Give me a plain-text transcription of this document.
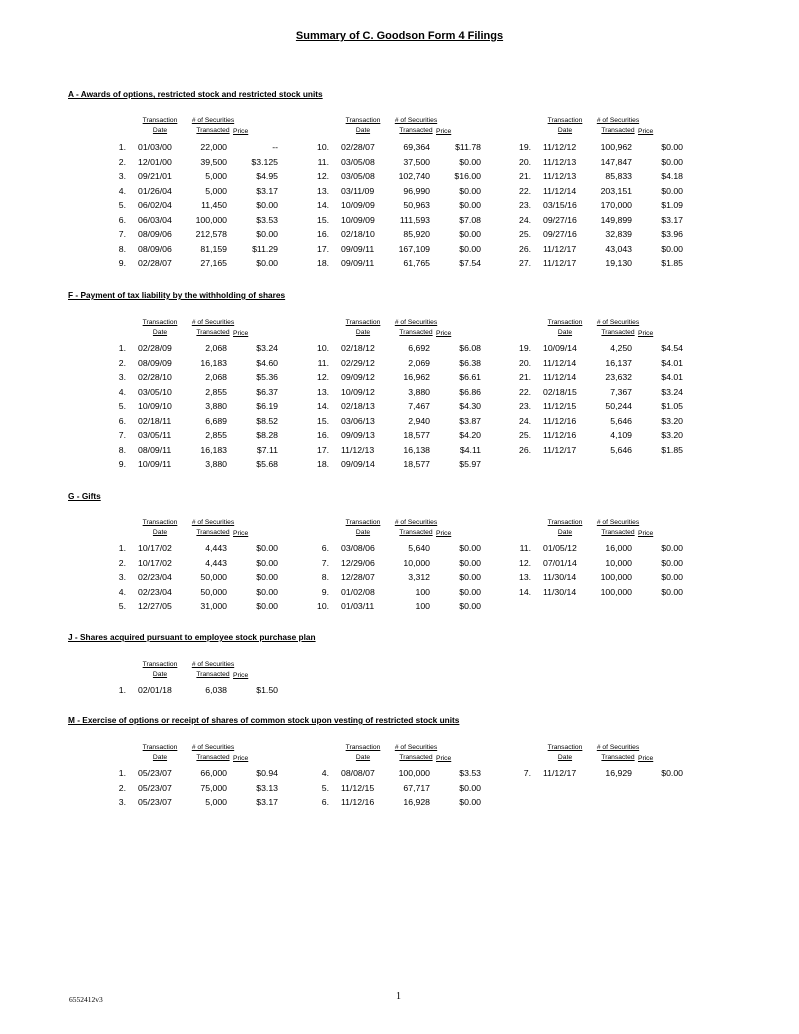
Summary of C. Goodson Form 4 Filings
A - Awards of options, restricted stock and restricted stock units
Transaction
Date
# of Securities
Transacted Price
Transaction
Date
# of Securities
Transacted Price
Transaction
Date
# of Securities
Transacted Price
1. 01/03/00	22,000	--
2. 12/01/00	39,500	$3.125
3. 09/21/01	5,000	$4.95
4. 01/26/04	5,000	$3.17
5. 06/02/04	11,450	$0.00
6. 06/03/04	100,000	$3.53
7. 08/09/06	212,578	$0.00
8. 08/09/06	81,159	$11.29
9. 02/28/07	27,165	$0.00
10. 02/28/07	69,364	$11.78
11. 03/05/08	37,500	$0.00
12. 03/05/08	102,740	$16.00
13. 03/11/09	96,990	$0.00
14. 10/09/09	50,963	$0.00
15. 10/09/09	111,593	$7.08
16. 02/18/10	85,920	$0.00
17. 09/09/11	167,109	$0.00
18. 09/09/11	61,765	$7.54
19. 11/12/12	100,962	$0.00
20. 11/12/13	147,847	$0.00
21. 11/12/13	85,833	$4.18
22. 11/12/14	203,151	$0.00
23. 03/15/16	170,000	$1.09
24. 09/27/16	149,899	$3.17
25. 09/27/16	32,839	$3.96
26. 11/12/17	43,043	$0.00
27. 11/12/17	19,130	$1.85
F - Payment of tax liability by the withholding of shares
Transaction
Date
# of Securities
Transacted Price
Transaction
Date
# of Securities
Transacted Price
Transaction
Date
# of Securities
Transacted Price
1. 02/28/09	2,068	$3.24
2. 08/09/09	16,183	$4.60
3. 02/28/10	2,068	$5.36
4. 03/05/10	2,855	$6.37
5. 10/09/10	3,880	$6.19
6. 02/18/11	6,689	$8.52
7. 03/05/11	2,855	$8.28
8. 08/09/11	16,183	$7.11
9. 10/09/11	3,880	$5.68
10. 02/18/12	6,692	$6.08
11. 02/29/12	2,069	$6.38
12. 09/09/12	16,962	$6.61
13. 10/09/12	3,880	$6.86
14. 02/18/13	7,467	$4.30
15. 03/06/13	2,940	$3.87
16. 09/09/13	18,577	$4.20
17. 11/12/13	16,138	$4.11
18. 09/09/14	18,577	$5.97
19. 10/09/14	4,250	$4.54
20. 11/12/14	16,137	$4.01
21. 11/12/14	23,632	$4.01
22. 02/18/15	7,367	$3.24
23. 11/12/15	50,244	$1.05
24. 11/12/16	5,646	$3.20
25. 11/12/16	4,109	$3.20
26. 11/12/17	5,646	$1.85
G - Gifts
Transaction
Date
# of Securities
Transacted Price
Transaction
Date
# of Securities
Transacted Price
Transaction
Date
# of Securities
Transacted Price
1. 10/17/02	4,443	$0.00
2. 10/17/02	4,443	$0.00
3. 02/23/04	50,000	$0.00
4. 02/23/04	50,000	$0.00
5. 12/27/05	31,000	$0.00
6. 03/08/06	5,640	$0.00
7. 12/29/06	10,000	$0.00
8. 12/28/07	3,312	$0.00
9. 01/02/08	100	$0.00
10. 01/03/11	100	$0.00
11. 01/05/12	16,000	$0.00
12. 07/01/14	10,000	$0.00
13. 11/30/14	100,000	$0.00
14. 11/30/14	100,000	$0.00
J - Shares acquired pursuant to employee stock purchase plan
Transaction
Date
# of Securities
Transacted Price
1. 02/01/18	6,038	$1.50
M - Exercise of options or receipt of shares of common stock upon vesting of restricted stock units
Transaction
Date
# of Securities
Transacted Price
Transaction
Date
# of Securities
Transacted Price
Transaction
Date
# of Securities
Transacted Price
1. 05/23/07	66,000	$0.94
2. 05/23/07	75,000	$3.13
3. 05/23/07	5,000	$3.17
4. 08/08/07	100,000	$3.53
5. 11/12/15	67,717	$0.00
6. 11/12/16	16,928	$0.00
7. 11/12/17	16,929	$0.00
6552412v3	1
